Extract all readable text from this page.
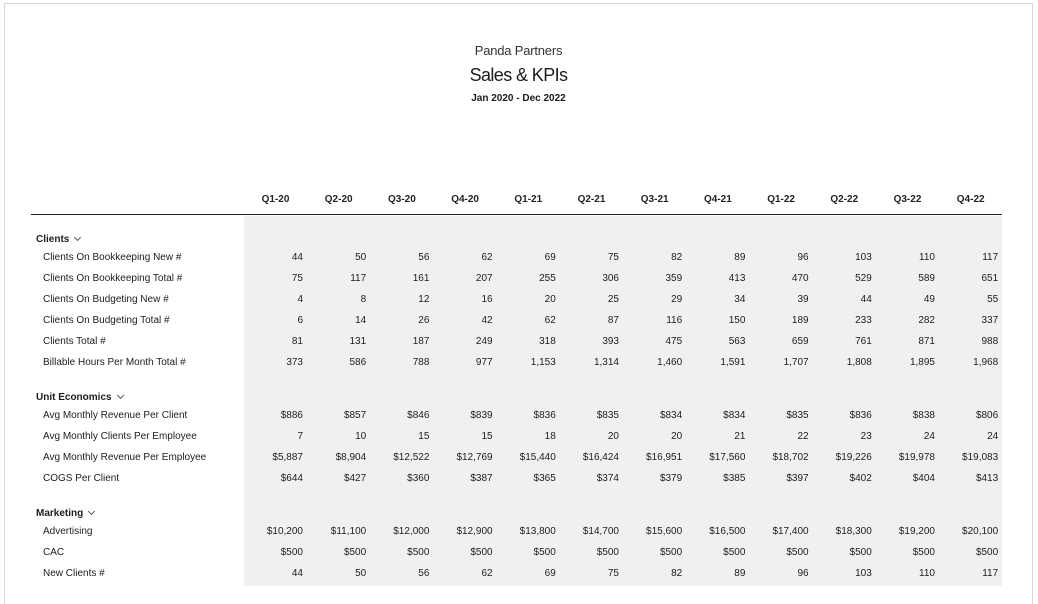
Panda Partners
Sales & KPIs
Jan 2020 - Dec 2022
Q1-20	Q2-20	Q3-20	Q4-20	Q1-21	Q2-21	Q3-21	Q4-21	Q1-22	Q2-22	Q3-22	Q4-22
Clients
Clients On Bookkeeping New #	44	50	56	62	69	75	82	89	96	103	110	117
Clients On Bookkeeping Total #	75	117	161	207	255	306	359	413	470	529	589	651
Clients On Budgeting New #	4	8	12	16	20	25	29	34	39	44	49	55
Clients On Budgeting Total #	6	14	26	42	62	87	116	150	189	233	282	337
Clients Total #	81	131	187	249	318	393	475	563	659	761	871	988
Billable Hours Per Month Total #	373	586	788	977	1,153	1,314	1,460	1,591	1,707	1,808	1,895	1,968
Unit Economics
Avg Monthly Revenue Per Client	$886	$857	$846	$839	$836	$835	$834	$834	$835	$836	$838	$806
Avg Monthly Clients Per Employee	7	10	15	15	18	20	20	21	22	23	24	24
Avg Monthly Revenue Per Employee	$5,887	$8,904	$12,522	$12,769	$15,440	$16,424	$16,951	$17,560	$18,702	$19,226	$19,978	$19,083
COGS Per Client	$644	$427	$360	$387	$365	$374	$379	$385	$397	$402	$404	$413
Marketing
Advertising	$10,200	$11,100	$12,000	$12,900	$13,800	$14,700	$15,600	$16,500	$17,400	$18,300	$19,200	$20,100
CAC	$500	$500	$500	$500	$500	$500	$500	$500	$500	$500	$500	$500
New Clients #	44	50	56	62	69	75	82	89	96	103	110	117
